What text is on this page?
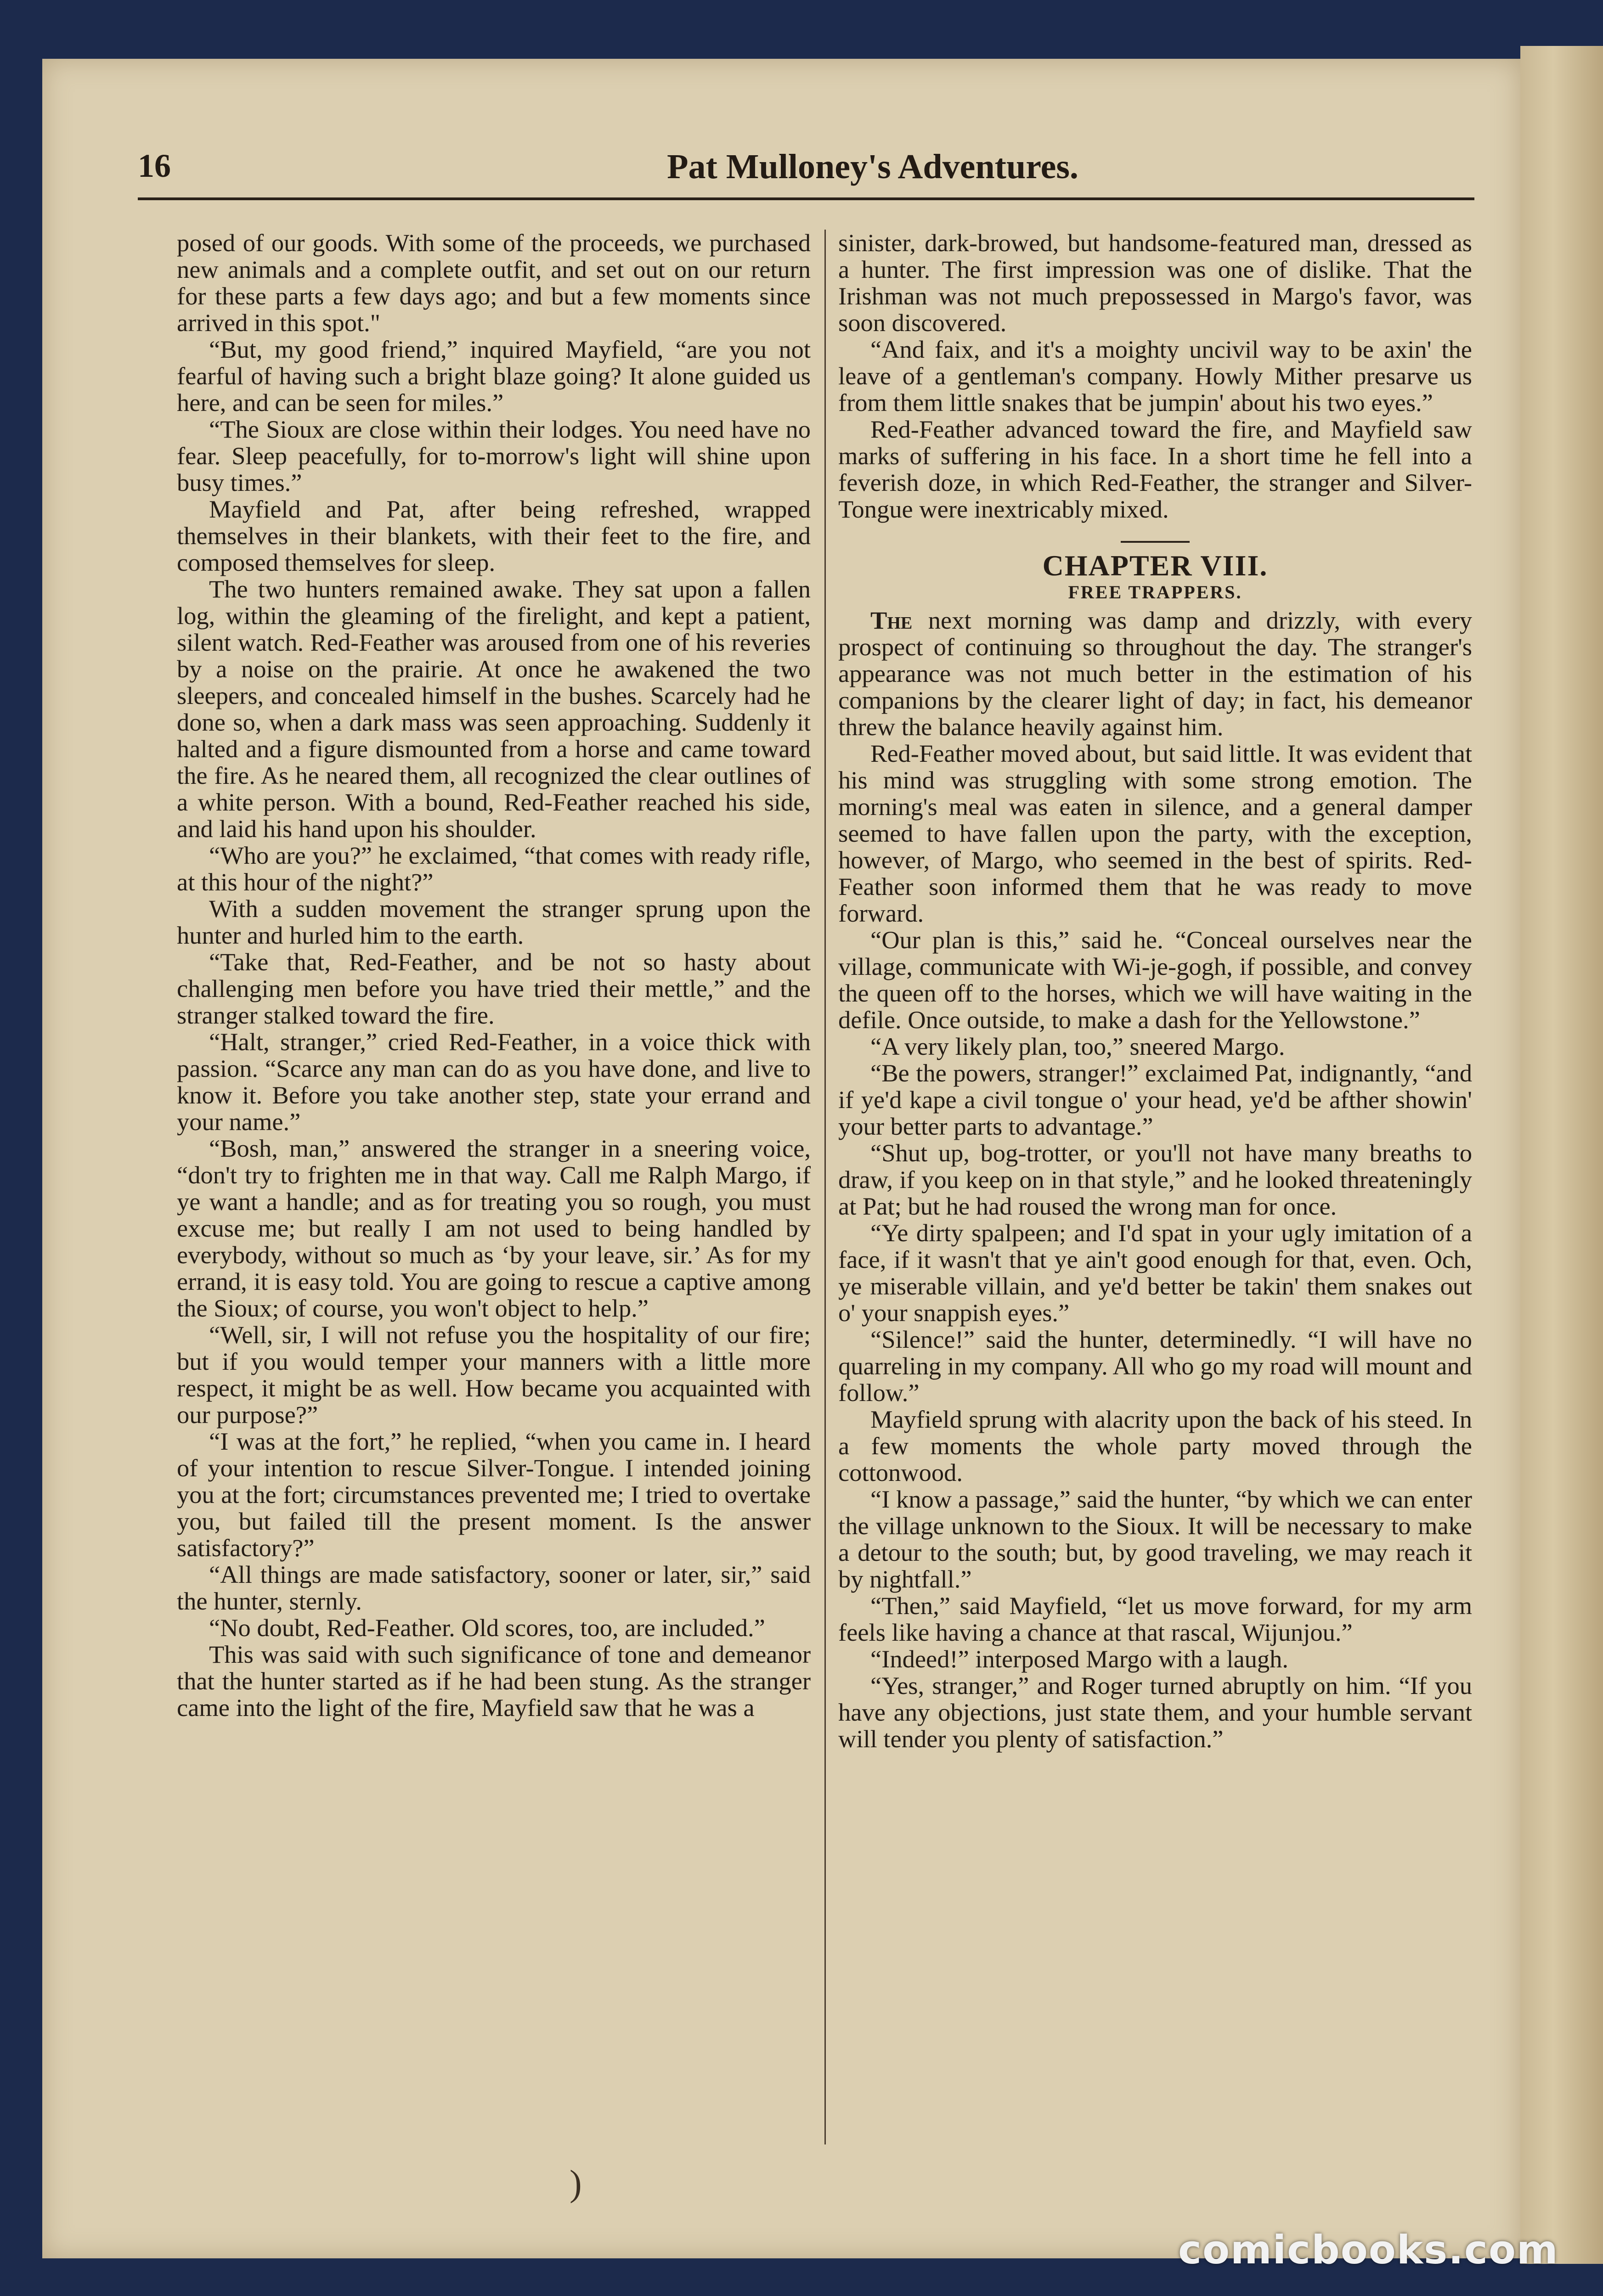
16	Pat Mulloney's Adventures.

posed of our goods. With some of the proceeds, we purchased new animals and a complete outfit, and set out on our return for these parts a few days ago; and but a few moments since arrived in this spot."

“But, my good friend,” inquired Mayfield, “are you not fearful of having such a bright blaze going? It alone guided us here, and can be seen for miles.”

“The Sioux are close within their lodges. You need have no fear. Sleep peacefully, for to-morrow's light will shine upon busy times.”

Mayfield and Pat, after being refreshed, wrapped themselves in their blankets, with their feet to the fire, and composed themselves for sleep.

The two hunters remained awake. They sat upon a fallen log, within the gleaming of the firelight, and kept a patient, silent watch. Red-Feather was aroused from one of his reveries by a noise on the prairie. At once he awakened the two sleepers, and concealed himself in the bushes. Scarcely had he done so, when a dark mass was seen approaching. Suddenly it halted and a figure dismounted from a horse and came toward the fire. As he neared them, all recognized the clear outlines of a white person. With a bound, Red-Feather reached his side, and laid his hand upon his shoulder.

“Who are you?” he exclaimed, “that comes with ready rifle, at this hour of the night?”

With a sudden movement the stranger sprung upon the hunter and hurled him to the earth.

“Take that, Red-Feather, and be not so hasty about challenging men before you have tried their mettle,” and the stranger stalked toward the fire.

“Halt, stranger,” cried Red-Feather, in a voice thick with passion. “Scarce any man can do as you have done, and live to know it. Before you take another step, state your errand and your name.”

“Bosh, man,” answered the stranger in a sneering voice, “don't try to frighten me in that way. Call me Ralph Margo, if ye want a handle; and as for treating you so rough, you must excuse me; but really I am not used to being handled by everybody, without so much as ‘by your leave, sir.’ As for my errand, it is easy told. You are going to rescue a captive among the Sioux; of course, you won't object to help.”

“Well, sir, I will not refuse you the hospitality of our fire; but if you would temper your manners with a little more respect, it might be as well. How became you acquainted with our purpose?”

“I was at the fort,” he replied, “when you came in. I heard of your intention to rescue Silver-Tongue. I intended joining you at the fort; circumstances prevented me; I tried to overtake you, but failed till the present moment. Is the answer satisfactory?”

“All things are made satisfactory, sooner or later, sir,” said the hunter, sternly.

“No doubt, Red-Feather. Old scores, too, are included.”

This was said with such significance of tone and demeanor that the hunter started as if he had been stung. As the stranger came into the light of the fire, Mayfield saw that he was a

sinister, dark-browed, but handsome-featured man, dressed as a hunter. The first impression was one of dislike. That the Irishman was not much prepossessed in Margo's favor, was soon discovered.

“And faix, and it's a moighty uncivil way to be axin' the leave of a gentleman's company. Howly Mither presarve us from them little snakes that be jumpin' about his two eyes.”

Red-Feather advanced toward the fire, and Mayfield saw marks of suffering in his face. In a short time he fell into a feverish doze, in which Red-Feather, the stranger and Silver-Tongue were inextricably mixed.

CHAPTER VIII.
FREE TRAPPERS.

The next morning was damp and drizzly, with every prospect of continuing so throughout the day. The stranger's appearance was not much better in the estimation of his companions by the clearer light of day; in fact, his demeanor threw the balance heavily against him.

Red-Feather moved about, but said little. It was evident that his mind was struggling with some strong emotion. The morning's meal was eaten in silence, and a general damper seemed to have fallen upon the party, with the exception, however, of Margo, who seemed in the best of spirits. Red-Feather soon informed them that he was ready to move forward.

“Our plan is this,” said he. “Conceal ourselves near the village, communicate with Wi-je-gogh, if possible, and convey the queen off to the horses, which we will have waiting in the defile. Once outside, to make a dash for the Yellowstone.”

“A very likely plan, too,” sneered Margo.

“Be the powers, stranger!” exclaimed Pat, indignantly, “and if ye'd kape a civil tongue o' your head, ye'd be afther showin' your better parts to advantage.”

“Shut up, bog-trotter, or you'll not have many breaths to draw, if you keep on in that style,” and he looked threateningly at Pat; but he had roused the wrong man for once.

“Ye dirty spalpeen; and I'd spat in your ugly imitation of a face, if it wasn't that ye ain't good enough for that, even. Och, ye miserable villain, and ye'd better be takin' them snakes out o' your snappish eyes.”

“Silence!” said the hunter, determinedly. “I will have no quarreling in my company. All who go my road will mount and follow.”

Mayfield sprung with alacrity upon the back of his steed. In a few moments the whole party moved through the cottonwood.

“I know a passage,” said the hunter, “by which we can enter the village unknown to the Sioux. It will be necessary to make a detour to the south; but, by good traveling, we may reach it by nightfall.”

“Then,” said Mayfield, “let us move forward, for my arm feels like having a chance at that rascal, Wijunjou.”

“Indeed!” interposed Margo with a laugh.

“Yes, stranger,” and Roger turned abruptly on him. “If you have any objections, just state them, and your humble servant will tender you plenty of satisfaction.”

)
comicbooks.com
